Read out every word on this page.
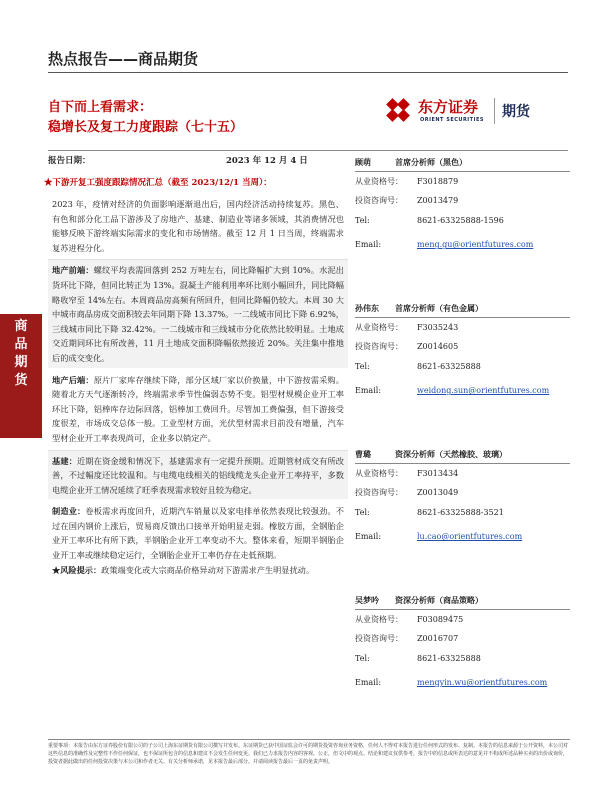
热点报告——商品期货
自下而上看需求：
稳增长及复工力度跟踪（七十五）
东方证券
ORIENT SECURITIES 期货
报告日期：	2023 年 12 月 4 日
商
品
期
货
★下游开复工强度跟踪情况汇总（截至 2023/12/1 当周）：

2023 年，疫情对经济的负面影响逐渐退出后，国内经济活动持续复苏。黑色、有色和部分化工品下游涉及了房地产、基建、制造业等诸多领域，其消费情况也能够反映下游终端实际需求的变化和市场情绪。截至 12 月 1 日当周，终端需求复苏进程分化。

地产前端：螺纹平均表需回落到 252 万吨左右，同比降幅扩大到 10%。水泥出货环比下降，但同比转正为 13%。混凝土产能利用率环比则小幅回升，同比降幅略收窄至 14%左右。本周商品房高频有所回升，但同比降幅仍较大。本周 30 大中城市商品房成交面积较去年同期下降 13.37%。一二线城市同比下降 6.92%，三线城市同比下降 32.42%。一二线城市和三线城市分化依然比较明显。土地成交近期同环比有所改善，11 月土地成交面积降幅依然接近 20%。关注集中推地后的成交变化。

地产后端：原片厂家库存继续下降，部分区域厂家以价换量，中下游按需采购。随着北方天气逐渐转冷，终端需求季节性偏弱态势不变。铝型材规模企业开工率环比下降，铝棒库存边际回落，铝棒加工费回升。尽管加工费偏强，但下游接受度很差，市场成交总体一般。工业型材方面，光伏型材需求目前没有增量，汽车型材企业开工率表现尚可，企业多以销定产。

基建：近期在资金缓和情况下，基建需求有一定提升预期。近期管材成交有所改善，不过幅度还比较温和。与电缆电线相关的铝线缆龙头企业开工率持平，多数电缆企业开工情况延续了旺季表现需求较好且较为稳定。

制造业：卷板需求再度回升，近期汽车销量以及家电排单依然表现比较强劲。不过在国内钢价上涨后，贸易商反馈出口接单开始明显走弱。橡胶方面，全钢胎企业开工率环比有所下跌，半钢胎企业开工率变动不大。整体来看，短期半钢胎企业开工率或继续稳定运行，全钢胎企业开工率仍存在走低预期。

★风险提示：政策端变化或大宗商品价格异动对下游需求产生明显扰动。

顾萌	首席分析师（黑色）
从业资格号： F3018879
投资咨询号： Z0013479
Tel:	8621-63325888-1596
Email:	meng.gu@orientfutures.com
孙伟东 首席分析师（有色金属）
从业资格号： F3035243
投资咨询号： Z0014605
Tel:	8621-63325888
Email:	weidong.sun@orientfutures.com
曹璐	资深分析师（天然橡胶、玻璃）
从业资格号： F3013434
投资咨询号： Z0013049
Tel:	8621-63325888-3521
Email:	lu.cao@orientfutures.com
吴梦吟 资深分析师（商品策略）
从业资格号： F03089475
投资咨询号： Z0016707
Tel:	8621-63325888
Email:	mengyin.wu@orientfutures.com
重要事项：本报告由东方证券股份有限公司的子公司上海东证期货有限公司撰写并发布。东证期货已获中国证监会许可的期货投资咨询业务资格，任何人不得对本报告进行任何形式的发布、复制。本报告的信息来源于公开资料，本公司对这些信息的准确性及完整性不作任何保证，也不保证所包含的信息和建议不会发生任何变更。我们已力求报告内容的客观、公正，但文中的观点、结论和建议仅供参考，报告中的信息或所表达的意见并不构成所述品种买卖的出价或询价，投资者据此做出的任何投资决策与本公司和作者无关。有关分析师承诺，见本报告最后部分。并请阅读报告最后一页的免责声明。
